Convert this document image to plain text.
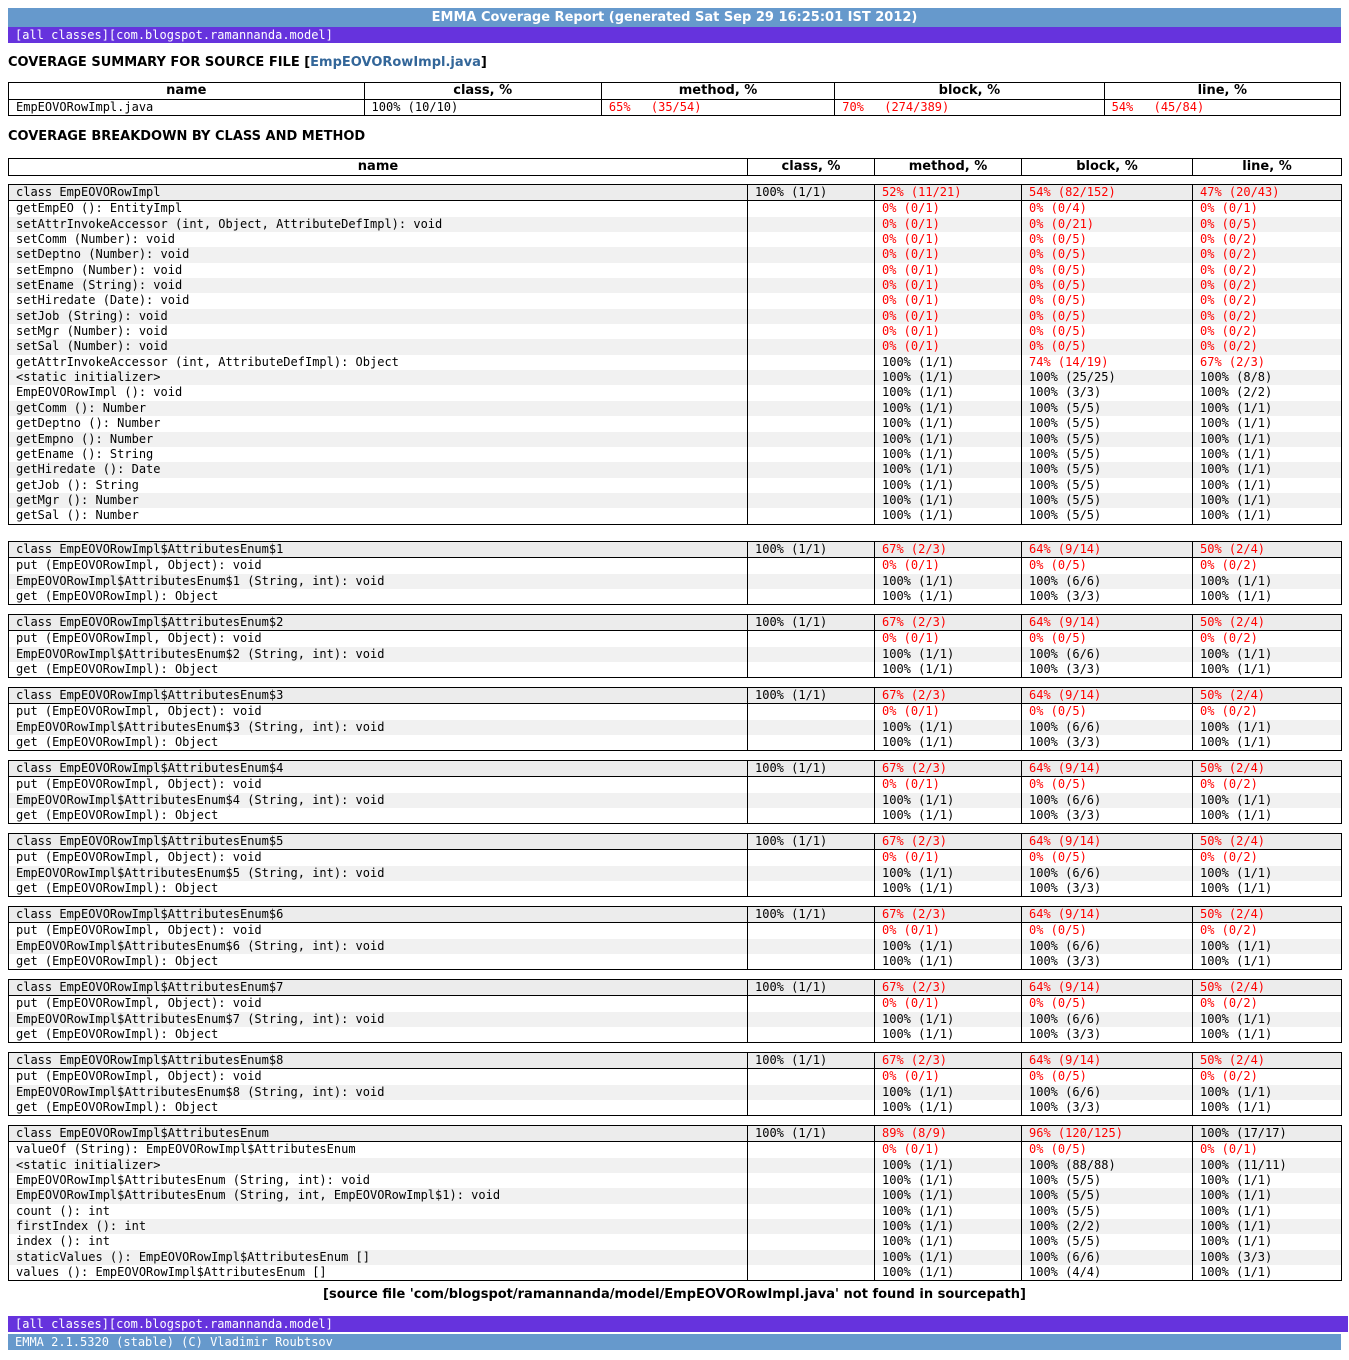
EMMA Coverage Report (generated Sat Sep 29 16:25:01 IST 2012)
[all classes][com.blogspot.ramannanda.model]
COVERAGE SUMMARY FOR SOURCE FILE [EmpEOVORowImpl.java]
name	class, %	method, %	block, %	line, %
EmpEOVORowImpl.java	100% (10/10)	65% (35/54)	70% (274/389)	54% (45/84)
COVERAGE BREAKDOWN BY CLASS AND METHOD
name	class, %	method, %	block, %	line, %
class EmpEOVORowImpl	100% (1/1)	52% (11/21)	54% (82/152)	47% (20/43)
getEmpEO (): EntityImpl		0% (0/1)	0% (0/4)	0% (0/1)
setAttrInvokeAccessor (int, Object, AttributeDefImpl): void		0% (0/1)	0% (0/21)	0% (0/5)
setComm (Number): void		0% (0/1)	0% (0/5)	0% (0/2)
setDeptno (Number): void		0% (0/1)	0% (0/5)	0% (0/2)
setEmpno (Number): void		0% (0/1)	0% (0/5)	0% (0/2)
setEname (String): void		0% (0/1)	0% (0/5)	0% (0/2)
setHiredate (Date): void		0% (0/1)	0% (0/5)	0% (0/2)
setJob (String): void		0% (0/1)	0% (0/5)	0% (0/2)
setMgr (Number): void		0% (0/1)	0% (0/5)	0% (0/2)
setSal (Number): void		0% (0/1)	0% (0/5)	0% (0/2)
getAttrInvokeAccessor (int, AttributeDefImpl): Object		100% (1/1)	74% (14/19)	67% (2/3)
<static initializer>		100% (1/1)	100% (25/25)	100% (8/8)
EmpEOVORowImpl (): void		100% (1/1)	100% (3/3)	100% (2/2)
getComm (): Number		100% (1/1)	100% (5/5)	100% (1/1)
getDeptno (): Number		100% (1/1)	100% (5/5)	100% (1/1)
getEmpno (): Number		100% (1/1)	100% (5/5)	100% (1/1)
getEname (): String		100% (1/1)	100% (5/5)	100% (1/1)
getHiredate (): Date		100% (1/1)	100% (5/5)	100% (1/1)
getJob (): String		100% (1/1)	100% (5/5)	100% (1/1)
getMgr (): Number		100% (1/1)	100% (5/5)	100% (1/1)
getSal (): Number		100% (1/1)	100% (5/5)	100% (1/1)
class EmpEOVORowImpl$AttributesEnum$1	100% (1/1)	67% (2/3)	64% (9/14)	50% (2/4)
put (EmpEOVORowImpl, Object): void		0% (0/1)	0% (0/5)	0% (0/2)
EmpEOVORowImpl$AttributesEnum$1 (String, int): void		100% (1/1)	100% (6/6)	100% (1/1)
get (EmpEOVORowImpl): Object		100% (1/1)	100% (3/3)	100% (1/1)
class EmpEOVORowImpl$AttributesEnum$2	100% (1/1)	67% (2/3)	64% (9/14)	50% (2/4)
put (EmpEOVORowImpl, Object): void		0% (0/1)	0% (0/5)	0% (0/2)
EmpEOVORowImpl$AttributesEnum$2 (String, int): void		100% (1/1)	100% (6/6)	100% (1/1)
get (EmpEOVORowImpl): Object		100% (1/1)	100% (3/3)	100% (1/1)
class EmpEOVORowImpl$AttributesEnum$3	100% (1/1)	67% (2/3)	64% (9/14)	50% (2/4)
put (EmpEOVORowImpl, Object): void		0% (0/1)	0% (0/5)	0% (0/2)
EmpEOVORowImpl$AttributesEnum$3 (String, int): void		100% (1/1)	100% (6/6)	100% (1/1)
get (EmpEOVORowImpl): Object		100% (1/1)	100% (3/3)	100% (1/1)
class EmpEOVORowImpl$AttributesEnum$4	100% (1/1)	67% (2/3)	64% (9/14)	50% (2/4)
put (EmpEOVORowImpl, Object): void		0% (0/1)	0% (0/5)	0% (0/2)
EmpEOVORowImpl$AttributesEnum$4 (String, int): void		100% (1/1)	100% (6/6)	100% (1/1)
get (EmpEOVORowImpl): Object		100% (1/1)	100% (3/3)	100% (1/1)
class EmpEOVORowImpl$AttributesEnum$5	100% (1/1)	67% (2/3)	64% (9/14)	50% (2/4)
put (EmpEOVORowImpl, Object): void		0% (0/1)	0% (0/5)	0% (0/2)
EmpEOVORowImpl$AttributesEnum$5 (String, int): void		100% (1/1)	100% (6/6)	100% (1/1)
get (EmpEOVORowImpl): Object		100% (1/1)	100% (3/3)	100% (1/1)
class EmpEOVORowImpl$AttributesEnum$6	100% (1/1)	67% (2/3)	64% (9/14)	50% (2/4)
put (EmpEOVORowImpl, Object): void		0% (0/1)	0% (0/5)	0% (0/2)
EmpEOVORowImpl$AttributesEnum$6 (String, int): void		100% (1/1)	100% (6/6)	100% (1/1)
get (EmpEOVORowImpl): Object		100% (1/1)	100% (3/3)	100% (1/1)
class EmpEOVORowImpl$AttributesEnum$7	100% (1/1)	67% (2/3)	64% (9/14)	50% (2/4)
put (EmpEOVORowImpl, Object): void		0% (0/1)	0% (0/5)	0% (0/2)
EmpEOVORowImpl$AttributesEnum$7 (String, int): void		100% (1/1)	100% (6/6)	100% (1/1)
get (EmpEOVORowImpl): Object		100% (1/1)	100% (3/3)	100% (1/1)
class EmpEOVORowImpl$AttributesEnum$8	100% (1/1)	67% (2/3)	64% (9/14)	50% (2/4)
put (EmpEOVORowImpl, Object): void		0% (0/1)	0% (0/5)	0% (0/2)
EmpEOVORowImpl$AttributesEnum$8 (String, int): void		100% (1/1)	100% (6/6)	100% (1/1)
get (EmpEOVORowImpl): Object		100% (1/1)	100% (3/3)	100% (1/1)
class EmpEOVORowImpl$AttributesEnum	100% (1/1)	89% (8/9)	96% (120/125)	100% (17/17)
valueOf (String): EmpEOVORowImpl$AttributesEnum		0% (0/1)	0% (0/5)	0% (0/1)
<static initializer>		100% (1/1)	100% (88/88)	100% (11/11)
EmpEOVORowImpl$AttributesEnum (String, int): void		100% (1/1)	100% (5/5)	100% (1/1)
EmpEOVORowImpl$AttributesEnum (String, int, EmpEOVORowImpl$1): void		100% (1/1)	100% (5/5)	100% (1/1)
count (): int		100% (1/1)	100% (5/5)	100% (1/1)
firstIndex (): int		100% (1/1)	100% (2/2)	100% (1/1)
index (): int		100% (1/1)	100% (5/5)	100% (1/1)
staticValues (): EmpEOVORowImpl$AttributesEnum []		100% (1/1)	100% (6/6)	100% (3/3)
values (): EmpEOVORowImpl$AttributesEnum []		100% (1/1)	100% (4/4)	100% (1/1)
[source file 'com/blogspot/ramannanda/model/EmpEOVORowImpl.java' not found in sourcepath]
[all classes][com.blogspot.ramannanda.model]
EMMA 2.1.5320 (stable) (C) Vladimir Roubtsov
